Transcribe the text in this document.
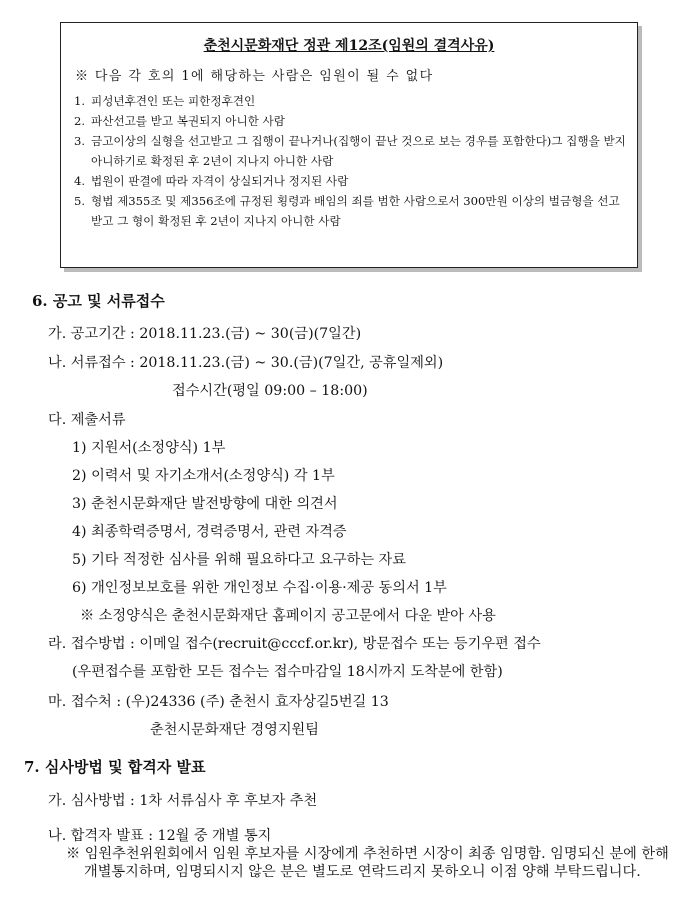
춘천시문화재단 정관 제12조(임원의 결격사유)
※ 다음 각 호의 1에 해당하는 사람은 임원이 될 수 없다
1. 피성년후견인 또는 피한정후견인
2. 파산선고를 받고 복권되지 아니한 사람
3. 금고이상의 실형을 선고받고 그 집행이 끝나거나(집행이 끝난 것으로 보는 경우를 포함한다)그 집행을 받지 아니하기로 확정된 후 2년이 지나지 아니한 사람
4. 법원이 판결에 따라 자격이 상실되거나 정지된 사람
5. 형법 제355조 및 제356조에 규정된 횡령과 배임의 죄를 범한 사람으로서 300만원 이상의 벌금형을 선고 받고 그 형이 확정된 후 2년이 지나지 아니한 사람
6. 공고 및 서류접수
가. 공고기간 : 2018.11.23.(금) ~ 30(금)(7일간)
나. 서류접수 : 2018.11.23.(금) ~ 30.(금)(7일간, 공휴일제외)
접수시간(평일 09:00 – 18:00)
다. 제출서류
1) 지원서(소정양식) 1부
2) 이력서 및 자기소개서(소정양식) 각 1부
3) 춘천시문화재단 발전방향에 대한 의견서
4) 최종학력증명서, 경력증명서, 관련 자격증
5) 기타 적정한 심사를 위해 필요하다고 요구하는 자료
6) 개인정보보호를 위한 개인정보 수집·이용·제공 동의서 1부
※ 소정양식은 춘천시문화재단 홈페이지 공고문에서 다운 받아 사용
라. 접수방법 : 이메일 접수(recruit@cccf.or.kr), 방문접수 또는 등기우편 접수
(우편접수를 포함한 모든 접수는 접수마감일 18시까지 도착분에 한함)
마. 접수처 : (우)24336 (주) 춘천시 효자상길5번길 13
춘천시문화재단 경영지원팀
7. 심사방법 및 합격자 발표
가. 심사방법 : 1차 서류심사 후 후보자 추천
나. 합격자 발표 : 12월 중 개별 통지
※ 임원추천위원회에서 임원 후보자를 시장에게 추천하면 시장이 최종 임명함. 임명되신 분에 한해 개별통지하며, 임명되시지 않은 분은 별도로 연락드리지 못하오니 이점 양해 부탁드립니다.
